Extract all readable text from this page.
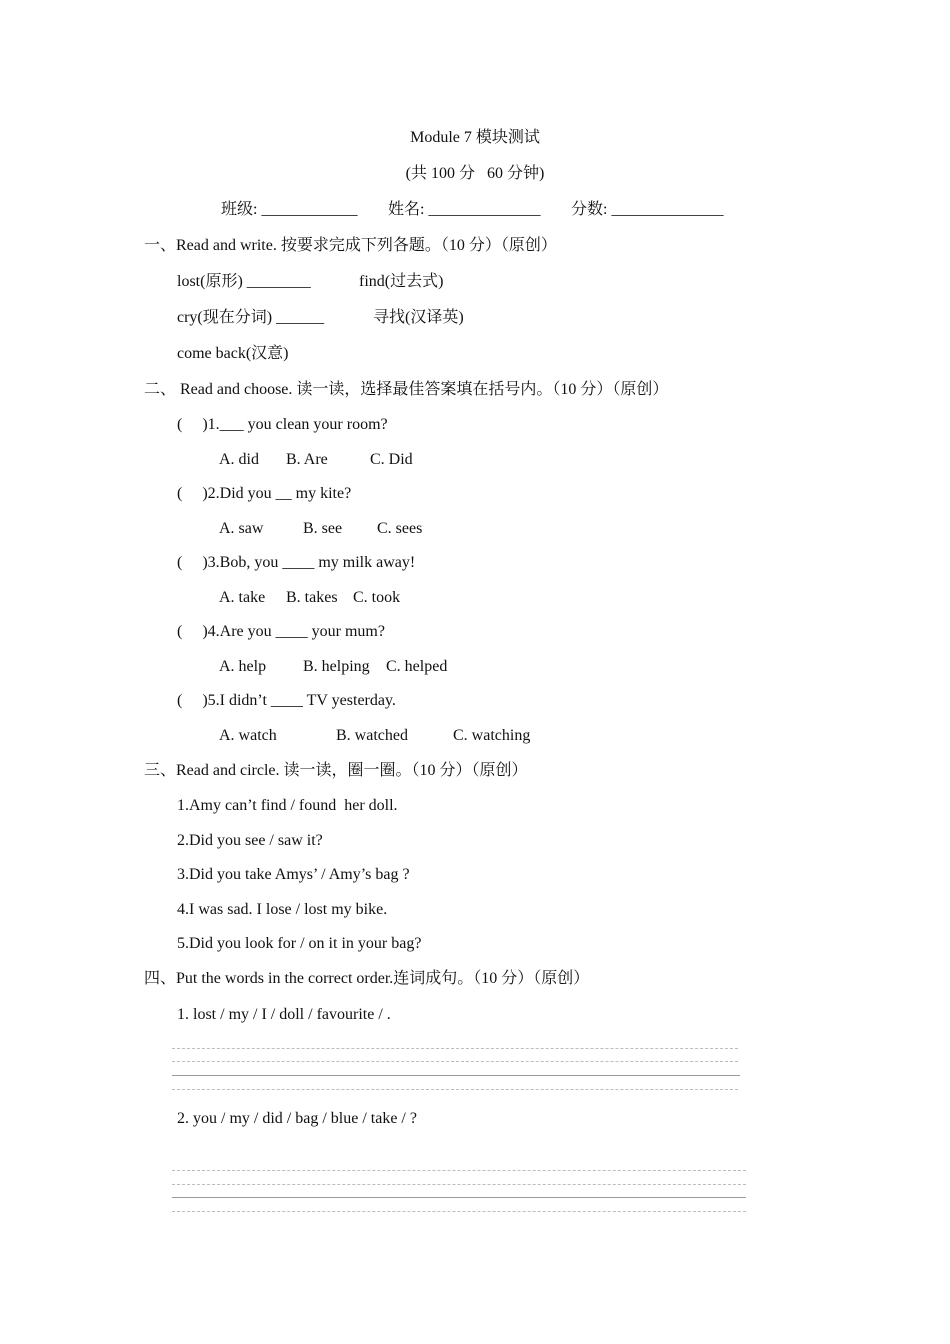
Module 7 模块测试
(共 100 分   60 分钟)
班级: ____________ 姓名: ______________ 分数: ______________
一、Read and write. 按要求完成下列各题。（10 分）（原创）
lost(原形) ________	find(过去式)
cry(现在分词) ______	寻找(汉译英)
come back(汉意)
二、 Read and choose. 读一读，选择最佳答案填在括号内。（10 分）（原创）
(     )1.___ you clean your room?
A. did B. Are	C. Did
(     )2.Did you __ my kite?
A. saw B. see C. sees
(     )3.Bob, you ____ my milk away!
A. take B. takes C. took
(     )4.Are you ____ your mum?
A. help B. helping C. helped
(     )5.I didn’t ____ TV yesterday.
A. watch	B. watched	C. watching
三、Read and circle. 读一读，圈一圈。（10 分）（原创）
1.Amy can’t find / found  her doll.
2.Did you see / saw it?
3.Did you take Amys’ / Amy’s bag ?
4.I was sad. I lose / lost my bike.
5.Did you look for / on it in your bag?
四、Put the words in the correct order.连词成句。（10 分）（原创）
1. lost / my / I / doll / favourite / .
2. you / my / did / bag / blue / take / ?
